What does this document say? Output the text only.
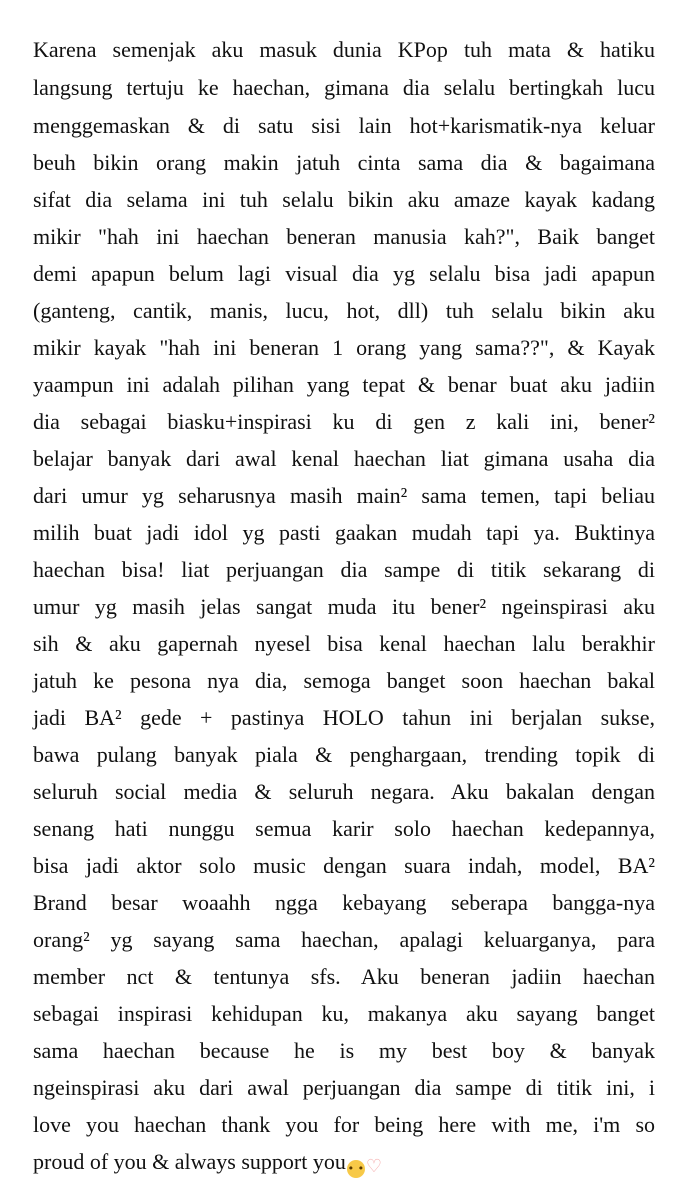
Karena semenjak aku masuk dunia KPop tuh mata & hatiku
langsung tertuju ke haechan, gimana dia selalu bertingkah lucu
menggemaskan & di satu sisi lain hot+karismatik-nya keluar
beuh bikin orang makin jatuh cinta sama dia & bagaimana
sifat dia selama ini tuh selalu bikin aku amaze kayak kadang
mikir "hah ini haechan beneran manusia kah?", Baik banget
demi apapun belum lagi visual dia yg selalu bisa jadi apapun
(ganteng, cantik, manis, lucu, hot, dll) tuh selalu bikin aku
mikir kayak "hah ini beneran 1 orang yang sama??", & Kayak
yaampun ini adalah pilihan yang tepat & benar buat aku jadiin
dia sebagai biasku+inspirasi ku di gen z kali ini, bener²
belajar banyak dari awal kenal haechan liat gimana usaha dia
dari umur yg seharusnya masih main² sama temen, tapi beliau
milih buat jadi idol yg pasti gaakan mudah tapi ya. Buktinya
haechan bisa! liat perjuangan dia sampe di titik sekarang di
umur yg masih jelas sangat muda itu bener² ngeinspirasi aku
sih & aku gapernah nyesel bisa kenal haechan lalu berakhir
jatuh ke pesona nya dia, semoga banget soon haechan bakal
jadi BA² gede + pastinya HOLO tahun ini berjalan sukse,
bawa pulang banyak piala & penghargaan, trending topik di
seluruh social media & seluruh negara. Aku bakalan dengan
senang hati nunggu semua karir solo haechan kedepannya,
bisa jadi aktor solo music dengan suara indah, model, BA²
Brand besar woaahh ngga kebayang seberapa bangga-nya
orang² yg sayang sama haechan, apalagi keluarganya, para
member nct & tentunya sfs. Aku beneran jadiin haechan
sebagai inspirasi kehidupan ku, makanya aku sayang banget
sama haechan because he is my best boy & banyak
ngeinspirasi aku dari awal perjuangan dia sampe di titik ini, i
love you haechan thank you for being here with me, i'm so
proud of you & always support you • •♡
